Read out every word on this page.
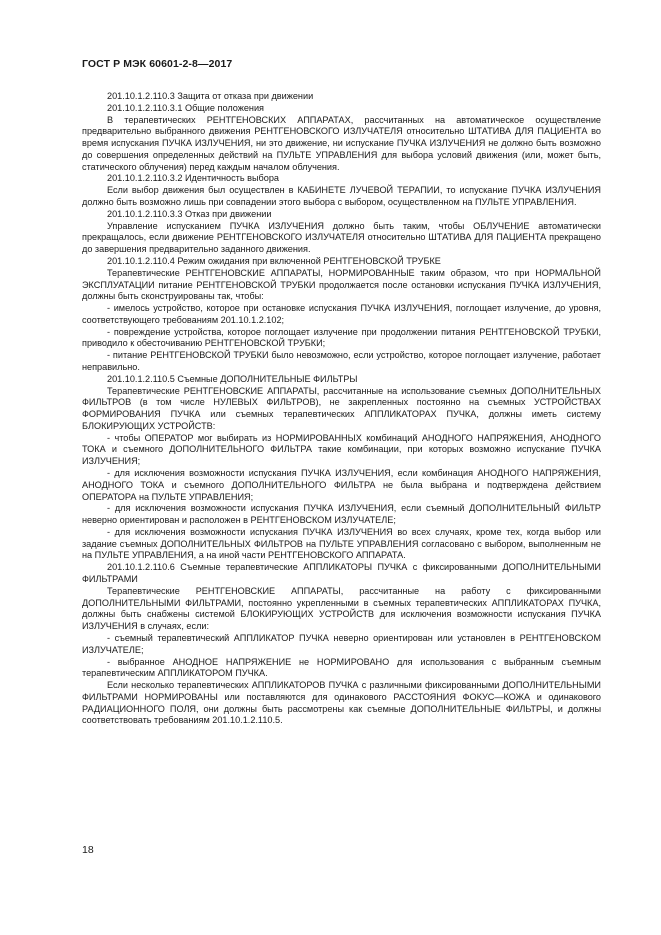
ГОСТ Р МЭК 60601-2-8—2017

201.10.1.2.110.3 Защита от отказа при движении

201.10.1.2.110.3.1 Общие положения

В терапевтических РЕНТГЕНОВСКИХ АППАРАТАХ, рассчитанных на автоматическое осуществление предварительно выбранного движения РЕНТГЕНОВСКОГО ИЗЛУЧАТЕЛЯ относительно ШТАТИВА ДЛЯ ПАЦИЕНТА во время испускания ПУЧКА ИЗЛУЧЕНИЯ, ни это движение, ни испускание ПУЧКА ИЗЛУЧЕНИЯ не должно быть возможно до совершения определенных действий на ПУЛЬТЕ УПРАВЛЕНИЯ для выбора условий движения (или, может быть, статического облучения) перед каждым началом облучения.

201.10.1.2.110.3.2 Идентичность выбора

Если выбор движения был осуществлен в КАБИНЕТЕ ЛУЧЕВОЙ ТЕРАПИИ, то испускание ПУЧКА ИЗЛУЧЕНИЯ должно быть возможно лишь при совпадении этого выбора с выбором, осуществленном на ПУЛЬТЕ УПРАВЛЕНИЯ.

201.10.1.2.110.3.3 Отказ при движении

Управление испусканием ПУЧКА ИЗЛУЧЕНИЯ должно быть таким, чтобы ОБЛУЧЕНИЕ автоматически прекращалось, если движение РЕНТГЕНОВСКОГО ИЗЛУЧАТЕЛЯ относительно ШТАТИВА ДЛЯ ПАЦИЕНТА прекращено до завершения предварительно заданного движения.

201.10.1.2.110.4 Режим ожидания при включенной РЕНТГЕНОВСКОЙ ТРУБКЕ

Терапевтические РЕНТГЕНОВСКИЕ АППАРАТЫ, НОРМИРОВАННЫЕ таким образом, что при НОРМАЛЬНОЙ ЭКСПЛУАТАЦИИ питание РЕНТГЕНОВСКОЙ ТРУБКИ продолжается после остановки испускания ПУЧКА ИЗЛУЧЕНИЯ, должны быть сконструированы так, чтобы:

- имелось устройство, которое при остановке испускания ПУЧКА ИЗЛУЧЕНИЯ, поглощает излучение, до уровня, соответствующего требованиям 201.10.1.2.102;

- повреждение устройства, которое поглощает излучение при продолжении питания РЕНТГЕНОВСКОЙ ТРУБКИ, приводило к обесточиванию РЕНТГЕНОВСКОЙ ТРУБКИ;

- питание РЕНТГЕНОВСКОЙ ТРУБКИ было невозможно, если устройство, которое поглощает излучение, работает неправильно.

201.10.1.2.110.5 Съемные ДОПОЛНИТЕЛЬНЫЕ ФИЛЬТРЫ

Терапевтические РЕНТГЕНОВСКИЕ АППАРАТЫ, рассчитанные на использование съемных ДОПОЛНИТЕЛЬНЫХ ФИЛЬТРОВ (в том числе НУЛЕВЫХ ФИЛЬТРОВ), не закрепленных постоянно на съемных УСТРОЙСТВАХ ФОРМИРОВАНИЯ ПУЧКА или съемных терапевтических АППЛИКАТОРАХ ПУЧКА, должны иметь систему БЛОКИРУЮЩИХ УСТРОЙСТВ:

- чтобы ОПЕРАТОР мог выбирать из НОРМИРОВАННЫХ комбинаций АНОДНОГО НАПРЯЖЕНИЯ, АНОДНОГО ТОКА и съемного ДОПОЛНИТЕЛЬНОГО ФИЛЬТРА такие комбинации, при которых возможно испускание ПУЧКА ИЗЛУЧЕНИЯ;

- для исключения возможности испускания ПУЧКА ИЗЛУЧЕНИЯ, если комбинация АНОДНОГО НАПРЯЖЕНИЯ, АНОДНОГО ТОКА и съемного ДОПОЛНИТЕЛЬНОГО ФИЛЬТРА не была выбрана и подтверждена действием ОПЕРАТОРА на ПУЛЬТЕ УПРАВЛЕНИЯ;

- для исключения возможности испускания ПУЧКА ИЗЛУЧЕНИЯ, если съемный ДОПОЛНИТЕЛЬНЫЙ ФИЛЬТР неверно ориентирован и расположен в РЕНТГЕНОВСКОМ ИЗЛУЧАТЕЛЕ;

- для исключения возможности испускания ПУЧКА ИЗЛУЧЕНИЯ во всех случаях, кроме тех, когда выбор или задание съемных ДОПОЛНИТЕЛЬНЫХ ФИЛЬТРОВ на ПУЛЬТЕ УПРАВЛЕНИЯ согласовано с выбором, выполненным не на ПУЛЬТЕ УПРАВЛЕНИЯ, а на иной части РЕНТГЕНОВСКОГО АППАРАТА.

201.10.1.2.110.6 Съемные терапевтические АППЛИКАТОРЫ ПУЧКА с фиксированными ДОПОЛНИТЕЛЬНЫМИ ФИЛЬТРАМИ

Терапевтические РЕНТГЕНОВСКИЕ АППАРАТЫ, рассчитанные на работу с фиксированными ДОПОЛНИТЕЛЬНЫМИ ФИЛЬТРАМИ, постоянно укрепленными в съемных терапевтических АППЛИКАТОРАХ ПУЧКА, должны быть снабжены системой БЛОКИРУЮЩИХ УСТРОЙСТВ для исключения возможности испускания ПУЧКА ИЗЛУЧЕНИЯ в случаях, если:

- съемный терапевтический АППЛИКАТОР ПУЧКА неверно ориентирован или установлен в РЕНТГЕНОВСКОМ ИЗЛУЧАТЕЛЕ;

- выбранное АНОДНОЕ НАПРЯЖЕНИЕ не НОРМИРОВАНО для использования с выбранным съемным терапевтическим АППЛИКАТОРОМ ПУЧКА.

Если несколько терапевтических АППЛИКАТОРОВ ПУЧКА с различными фиксированными ДОПОЛНИТЕЛЬНЫМИ ФИЛЬТРАМИ НОРМИРОВАНЫ или поставляются для одинакового РАССТОЯНИЯ ФОКУС—КОЖА и одинакового РАДИАЦИОННОГО ПОЛЯ, они должны быть рассмотрены как съемные ДОПОЛНИТЕЛЬНЫЕ ФИЛЬТРЫ, и должны соответствовать требованиям 201.10.1.2.110.5.

18
